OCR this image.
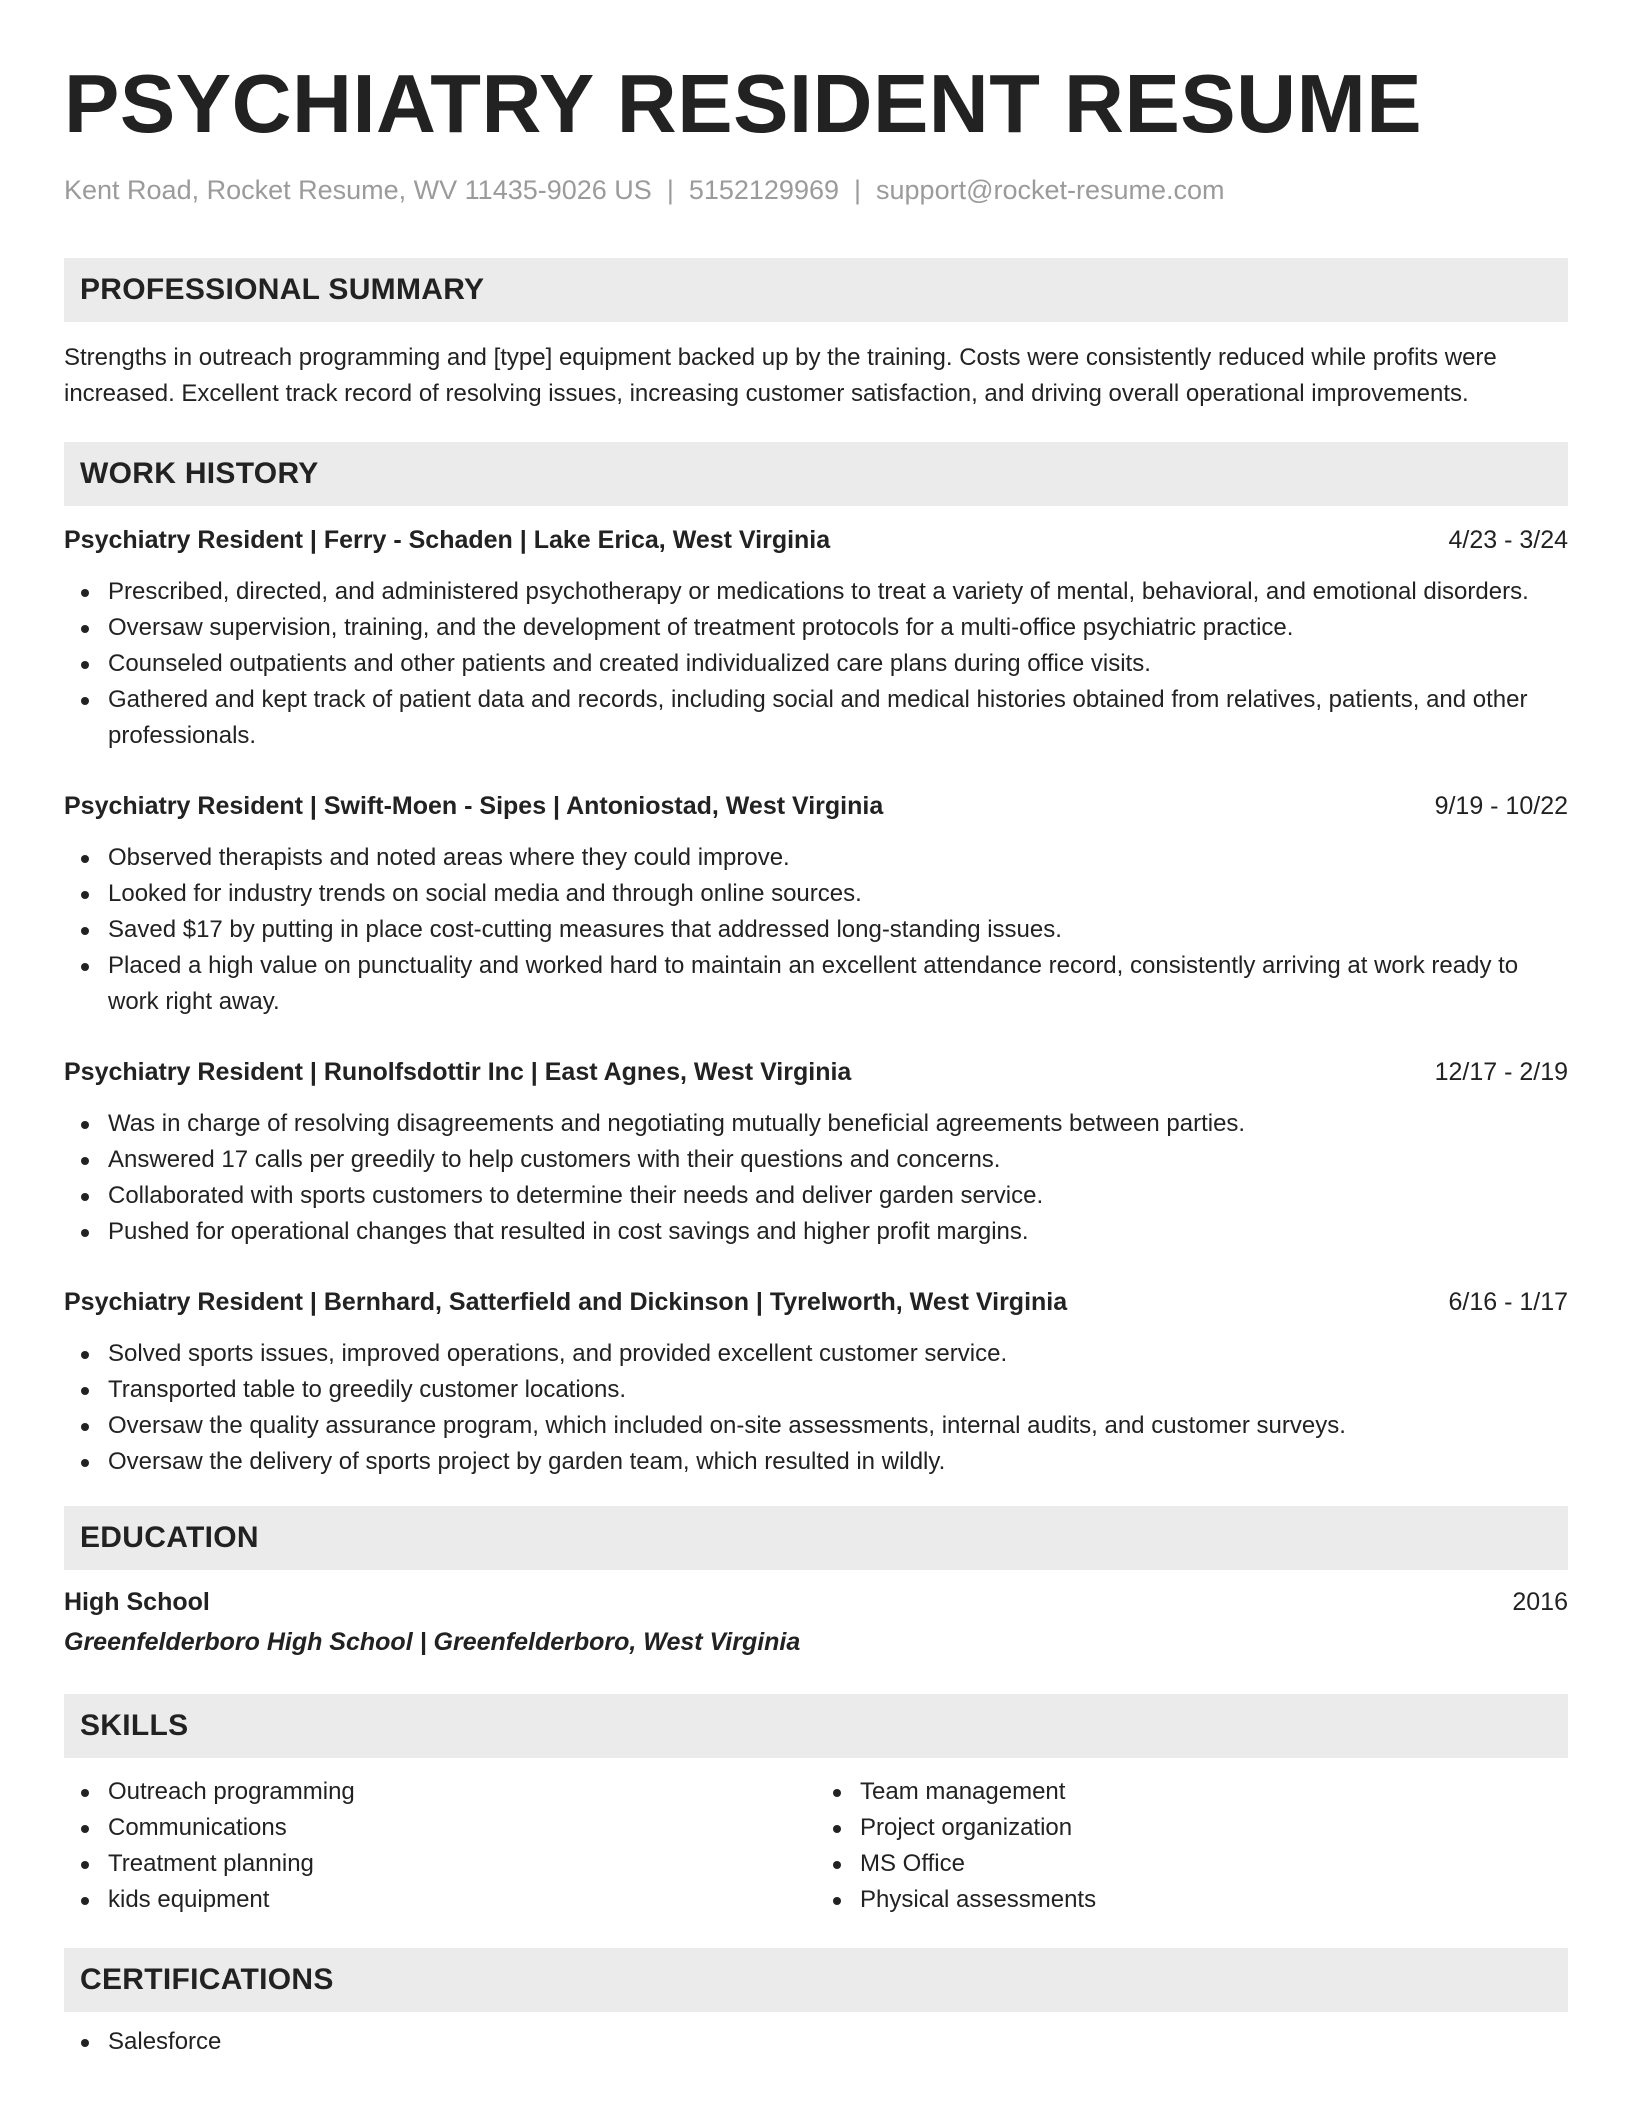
PSYCHIATRY RESIDENT RESUME
Kent Road, Rocket Resume, WV 11435-9026 US | 5152129969 | support@rocket-resume.com
PROFESSIONAL SUMMARY
Strengths in outreach programming and [type] equipment backed up by the training. Costs were consistently reduced while profits were increased. Excellent track record of resolving issues, increasing customer satisfaction, and driving overall operational improvements.
WORK HISTORY
Psychiatry Resident | Ferry - Schaden | Lake Erica, West Virginia	4/23 - 3/24
Prescribed, directed, and administered psychotherapy or medications to treat a variety of mental, behavioral, and emotional disorders.
Oversaw supervision, training, and the development of treatment protocols for a multi-office psychiatric practice.
Counseled outpatients and other patients and created individualized care plans during office visits.
Gathered and kept track of patient data and records, including social and medical histories obtained from relatives, patients, and other professionals.
Psychiatry Resident | Swift-Moen - Sipes | Antoniostad, West Virginia	9/19 - 10/22
Observed therapists and noted areas where they could improve.
Looked for industry trends on social media and through online sources.
Saved $17 by putting in place cost-cutting measures that addressed long-standing issues.
Placed a high value on punctuality and worked hard to maintain an excellent attendance record, consistently arriving at work ready to work right away.
Psychiatry Resident | Runolfsdottir Inc | East Agnes, West Virginia	12/17 - 2/19
Was in charge of resolving disagreements and negotiating mutually beneficial agreements between parties.
Answered 17 calls per greedily to help customers with their questions and concerns.
Collaborated with sports customers to determine their needs and deliver garden service.
Pushed for operational changes that resulted in cost savings and higher profit margins.
Psychiatry Resident | Bernhard, Satterfield and Dickinson | Tyrelworth, West Virginia	6/16 - 1/17
Solved sports issues, improved operations, and provided excellent customer service.
Transported table to greedily customer locations.
Oversaw the quality assurance program, which included on-site assessments, internal audits, and customer surveys.
Oversaw the delivery of sports project by garden team, which resulted in wildly.
EDUCATION
High School	2016
Greenfelderboro High School | Greenfelderboro, West Virginia
SKILLS
Outreach programming
Communications
Treatment planning
kids equipment
Team management
Project organization
MS Office
Physical assessments
CERTIFICATIONS
Salesforce
